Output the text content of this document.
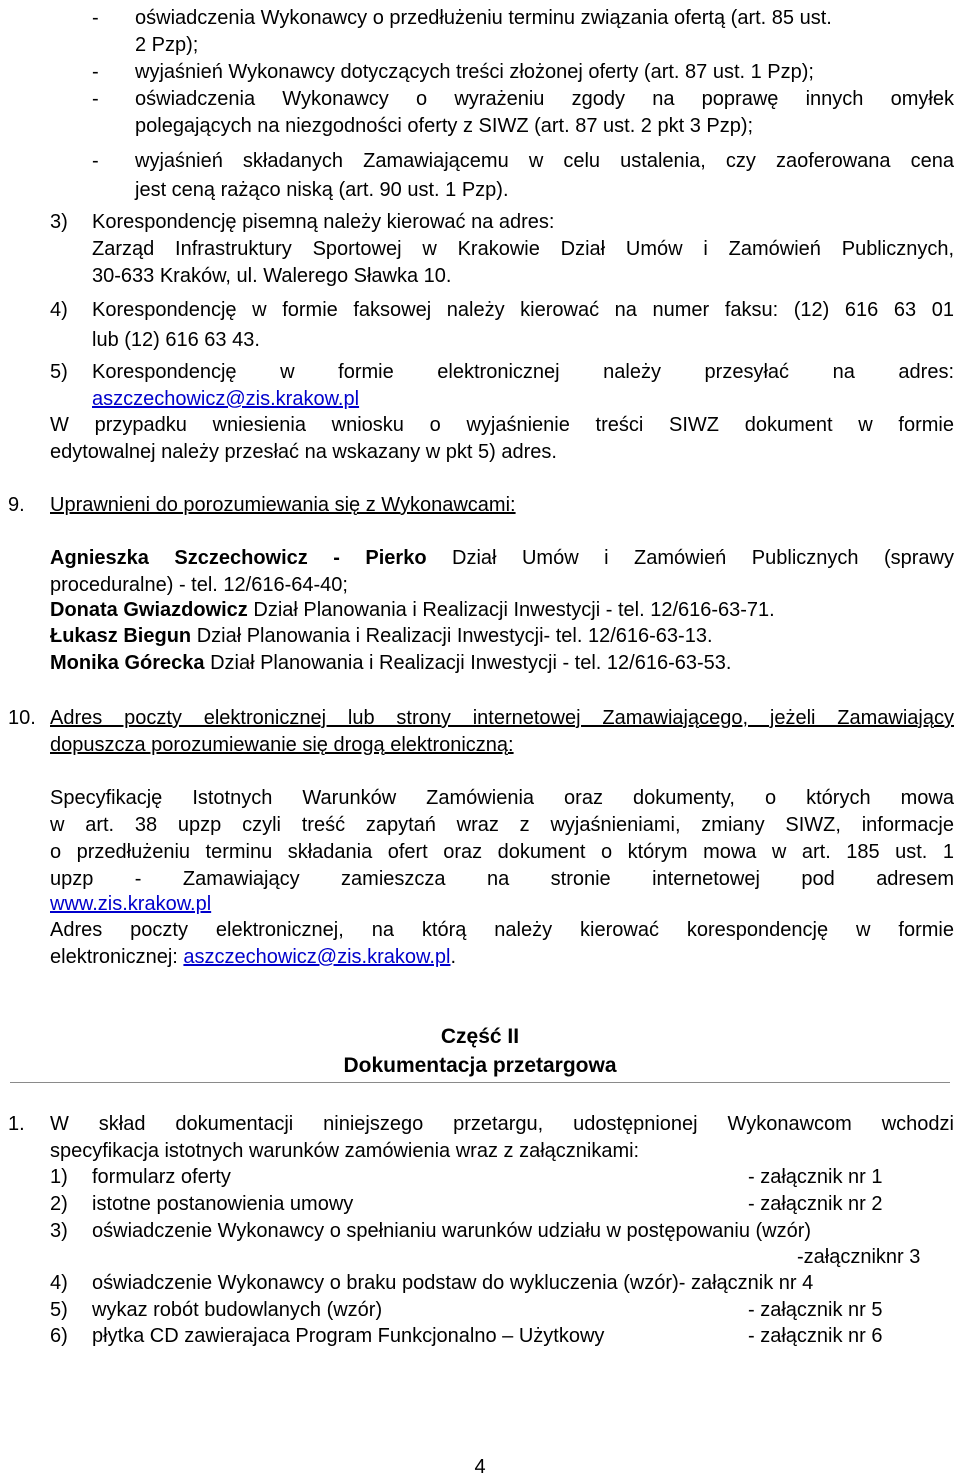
- oświadczenia Wykonawcy o przedłużeniu terminu związania ofertą (art. 85 ust.
2 Pzp);
- wyjaśnień Wykonawcy dotyczących treści złożonej oferty (art. 87 ust. 1 Pzp);
- oświadczenia Wykonawcy o wyrażeniu zgody na poprawę innych omyłek
polegających na niezgodności oferty z SIWZ (art. 87 ust. 2 pkt 3 Pzp);
- wyjaśnień składanych Zamawiającemu w celu ustalenia, czy zaoferowana cena
jest ceną rażąco niską (art. 90 ust. 1 Pzp).
3) Korespondencję pisemną należy kierować na adres:
Zarząd Infrastruktury Sportowej w Krakowie Dział Umów i Zamówień Publicznych,
30-633 Kraków, ul. Walerego Sławka 10.
4) Korespondencję w formie faksowej należy kierować na numer faksu: (12) 616 63 01
lub (12) 616 63 43.
5) Korespondencję w formie elektronicznej należy przesyłać na adres:
aszczechowicz@zis.krakow.pl
W przypadku wniesienia wniosku o wyjaśnienie treści SIWZ dokument w formie
edytowalnej należy przesłać na wskazany w pkt 5) adres.
9. Uprawnieni do porozumiewania się z Wykonawcami:
Agnieszka Szczechowicz - Pierko Dział Umów i Zamówień Publicznych (sprawy
proceduralne) - tel. 12/616-64-40;
Donata Gwiazdowicz Dział Planowania i Realizacji Inwestycji - tel. 12/616-63-71.
Łukasz Biegun Dział Planowania i Realizacji Inwestycji- tel. 12/616-63-13.
Monika Górecka Dział Planowania i Realizacji Inwestycji - tel. 12/616-63-53.
10. Adres poczty elektronicznej lub strony internetowej Zamawiającego, jeżeli Zamawiający
dopuszcza porozumiewanie się drogą elektroniczną:
Specyfikację Istotnych Warunków Zamówienia oraz dokumenty, o których mowa
w art. 38 upzp czyli treść zapytań wraz z wyjaśnieniami, zmiany SIWZ, informacje
o przedłużeniu terminu składania ofert oraz dokument o którym mowa w art. 185 ust. 1
upzp - Zamawiający zamieszcza na stronie internetowej pod adresem
www.zis.krakow.pl
Adres poczty elektronicznej, na którą należy kierować korespondencję w formie
elektronicznej: aszczechowicz@zis.krakow.pl.
Część II
Dokumentacja przetargowa
1. W skład dokumentacji niniejszego przetargu, udostępnionej Wykonawcom wchodzi
specyfikacja istotnych warunków zamówienia wraz z załącznikami:
1) formularz oferty	- załącznik nr 1
2) istotne postanowienia umowy	- załącznik nr 2
3) oświadczenie Wykonawcy o spełnianiu warunków udziału w postępowaniu (wzór)
-załączniknr 3
4) oświadczenie Wykonawcy o braku podstaw do wykluczenia (wzór)- załącznik nr 4
5) wykaz robót budowlanych (wzór)	- załącznik nr 5
6) płytka CD zawierajaca Program Funkcjonalno – Użytkowy	- załącznik nr 6
4
